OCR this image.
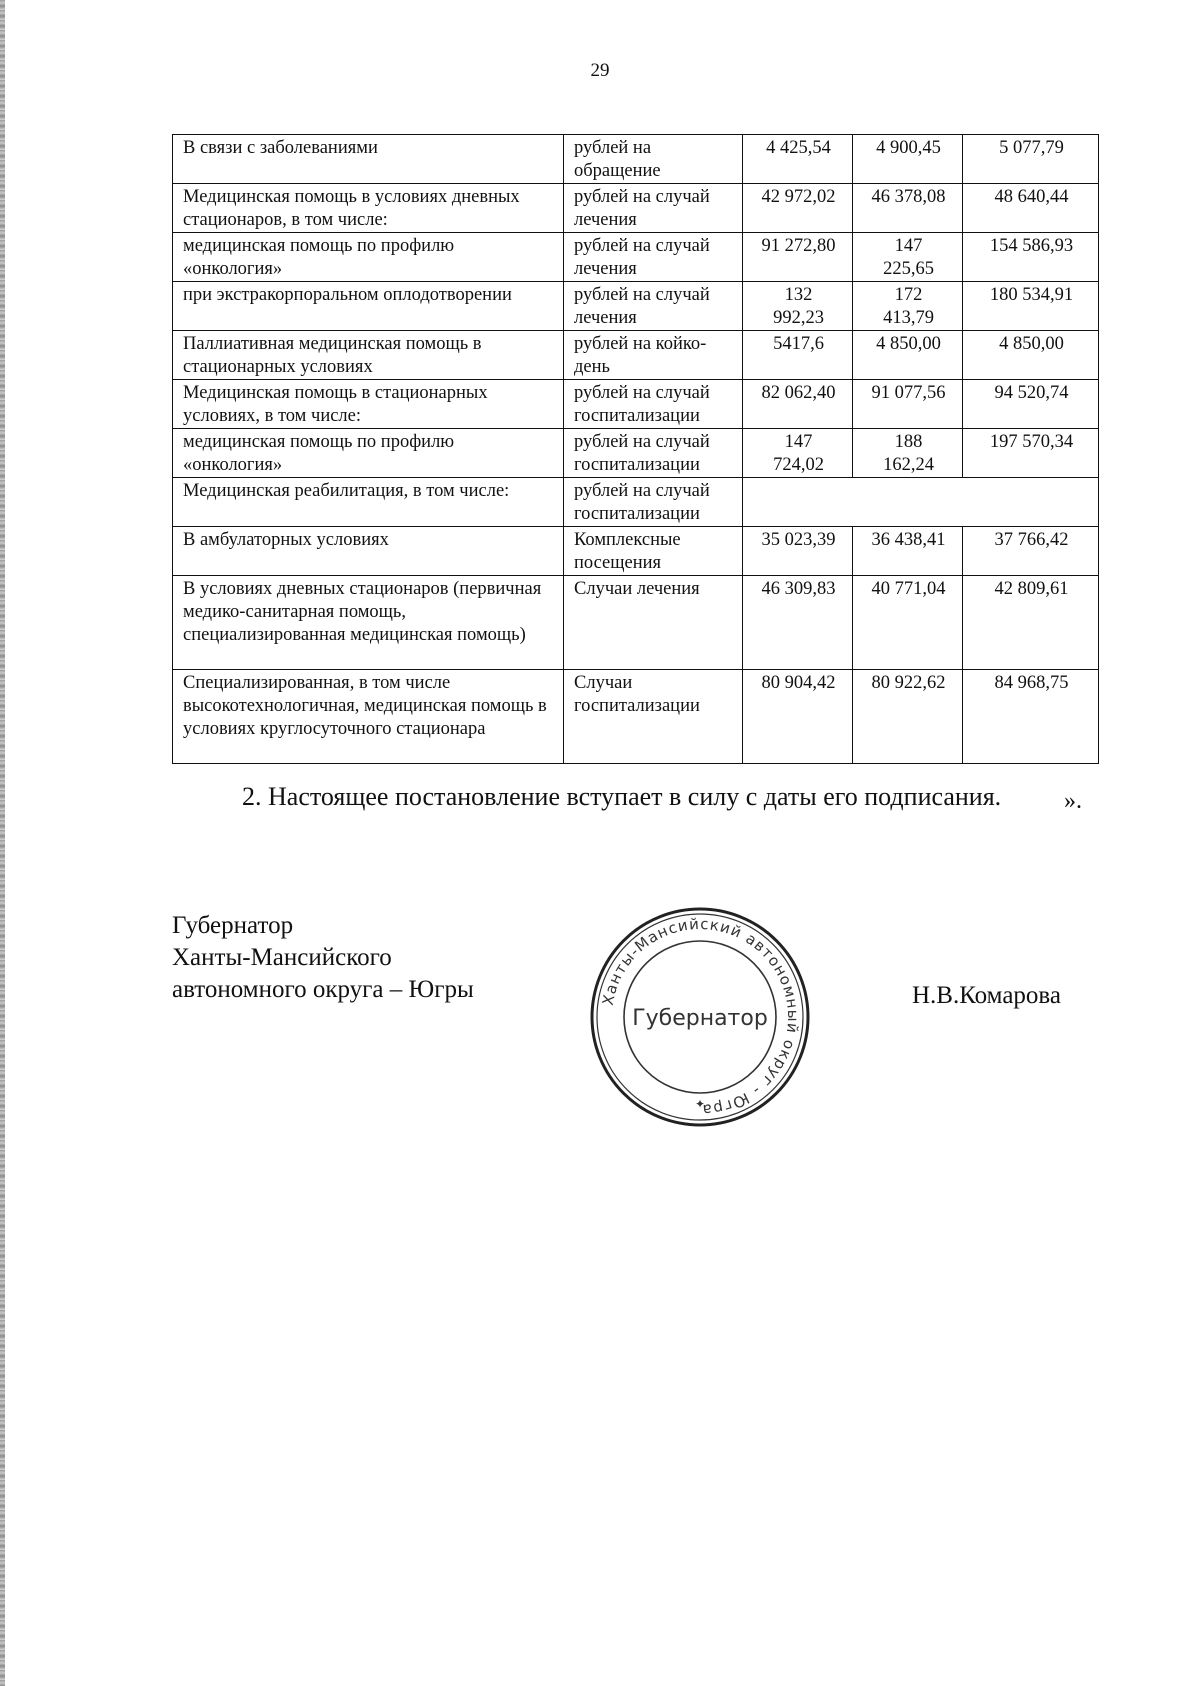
29
В связи с заболеваниями	рублей на обращение	4 425,54	4 900,45	5 077,79
Медицинская помощь в условиях дневных стационаров, в том числе:	рублей на случай лечения	42 972,02	46 378,08	48 640,44
медицинская помощь по профилю «онкология»	рублей на случай лечения	91 272,80	147 225,65	154 586,93
при экстракорпоральном оплодотворении	рублей на случай лечения	132 992,23	172 413,79	180 534,91
Паллиативная медицинская помощь в стационарных условиях	рублей на койко-день	5417,6	4 850,00	4 850,00
Медицинская помощь в стационарных условиях, в том числе:	рублей на случай госпитализации	82 062,40	91 077,56	94 520,74
медицинская помощь по профилю «онкология»	рублей на случай госпитализации	147 724,02	188 162,24	197 570,34
Медицинская реабилитация, в том числе:	рублей на случай госпитализации			
В амбулаторных условиях	Комплексные посещения	35 023,39	36 438,41	37 766,42
В условиях дневных стационаров (первичная медико-санитарная помощь, специализированная медицинская помощь)	Случаи лечения	46 309,83	40 771,04	42 809,61
Специализированная, в том числе высокотехнологичная, медицинская помощь в условиях круглосуточного стационара	Случаи госпитализации	80 904,42	80 922,62	84 968,75
».
2. Настоящее постановление вступает в силу с даты его подписания.
Губернатор
Ханты-Мансийского
автономного округа – Югры	Ханты-Мансийский автономный округ - Югра
Губернатор
✦
Н.В.Комарова
